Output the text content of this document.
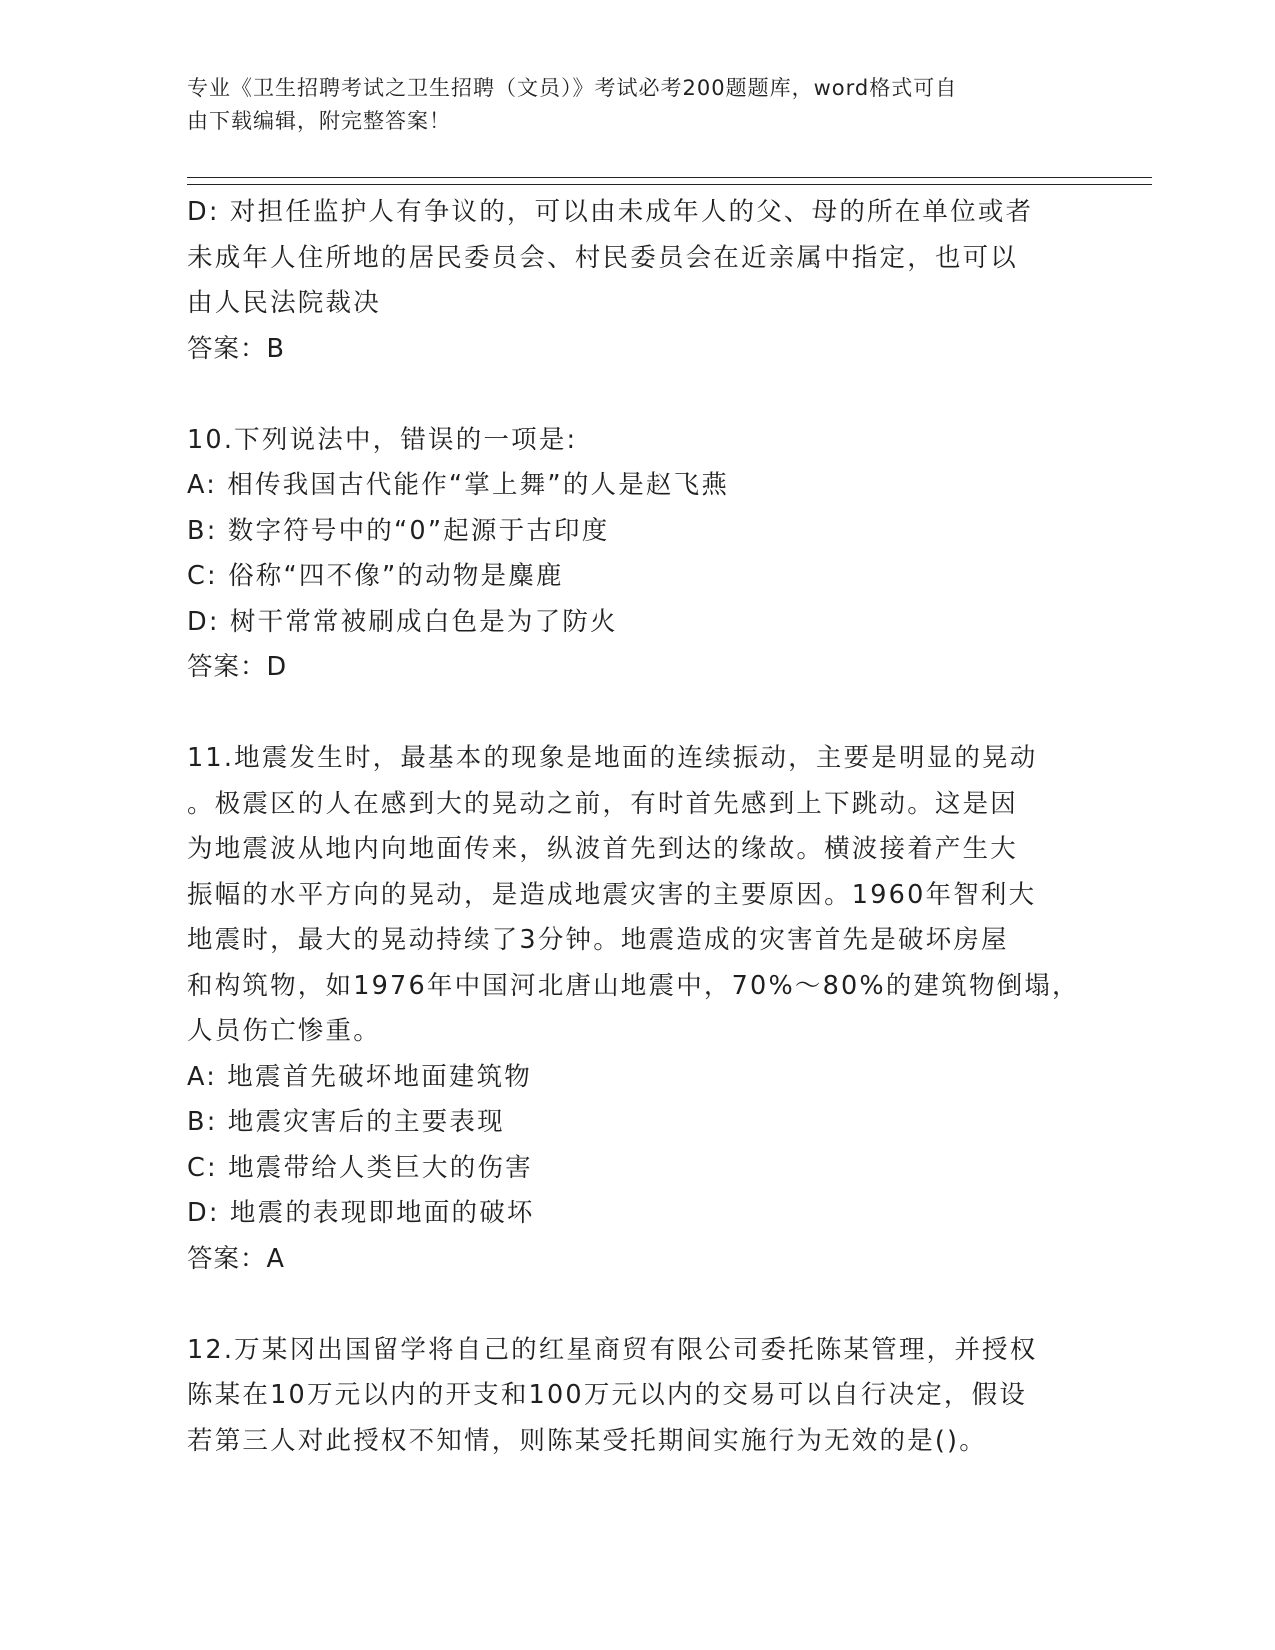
专业《卫生招聘考试之卫生招聘（文员）》考试必考200题题库，word格式可自
由下载编辑，附完整答案！
D: 对担任监护人有争议的，可以由未成年人的父、母的所在单位或者
未成年人住所地的居民委员会、村民委员会在近亲属中指定，也可以
由人民法院裁决
答案：B
10.下列说法中，错误的一项是:
A: 相传我国古代能作“掌上舞”的人是赵飞燕
B: 数字符号中的“0”起源于古印度
C: 俗称“四不像”的动物是麋鹿
D: 树干常常被刷成白色是为了防火
答案：D
11.地震发生时，最基本的现象是地面的连续振动，主要是明显的晃动
。极震区的人在感到大的晃动之前，有时首先感到上下跳动。这是因
为地震波从地内向地面传来，纵波首先到达的缘故。横波接着产生大
振幅的水平方向的晃动，是造成地震灾害的主要原因。1960年智利大
地震时，最大的晃动持续了3分钟。地震造成的灾害首先是破坏房屋
和构筑物，如1976年中国河北唐山地震中，70%～80%的建筑物倒塌，
人员伤亡惨重。
A: 地震首先破坏地面建筑物
B: 地震灾害后的主要表现
C: 地震带给人类巨大的伤害
D: 地震的表现即地面的破坏
答案：A
12.万某冈出国留学将自己的红星商贸有限公司委托陈某管理，并授权
陈某在10万元以内的开支和100万元以内的交易可以自行决定，假设
若第三人对此授权不知情，则陈某受托期间实施行为无效的是()。
